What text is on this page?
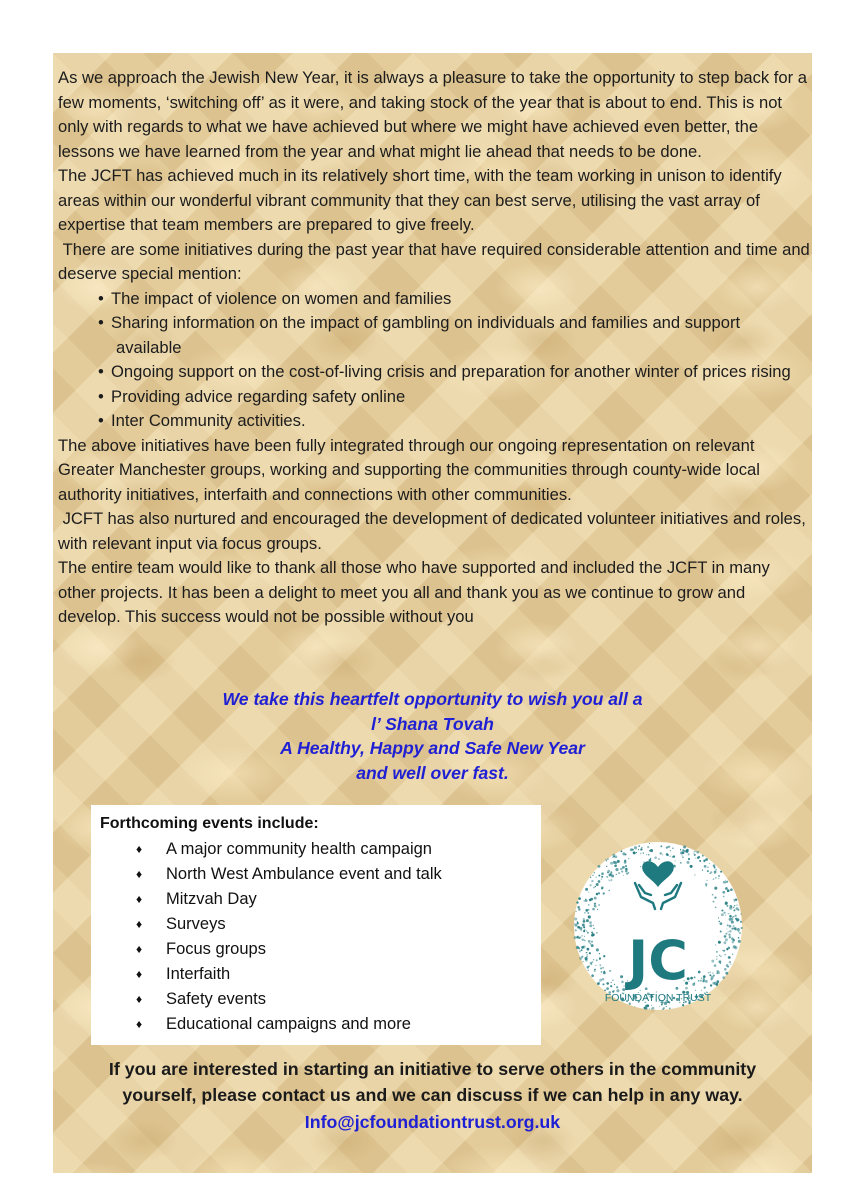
As we approach the Jewish New Year, it is always a pleasure to take the opportunity to step back for a few moments, ‘switching off’ as it were, and taking stock of the year that is about to end. This is not only with regards to what we have achieved but where we might have achieved even better, the lessons we have learned from the year and what might lie ahead that needs to be done.

The JCFT has achieved much in its relatively short time, with the team working in unison to identify areas within our wonderful vibrant community that they can best serve, utilising the vast array of expertise that team members are prepared to give freely.

There are some initiatives during the past year that have required considerable attention and time and deserve special mention:

• The impact of violence on women and families
• Sharing information on the impact of gambling on individuals and families and support available
• Ongoing support on the cost-of-living crisis and preparation for another winter of prices rising
• Providing advice regarding safety online
• Inter Community activities.

The above initiatives have been fully integrated through our ongoing representation on relevant Greater Manchester groups, working and supporting the communities through county-wide local authority initiatives, interfaith and connections with other communities.

JCFT has also nurtured and encouraged the development of dedicated volunteer initiatives and roles, with relevant input via focus groups.

The entire team would like to thank all those who have supported and included the JCFT in many other projects. It has been a delight to meet you all and thank you as we continue to grow and develop. This success would not be possible without you

We take this heartfelt opportunity to wish you all a
l’ Shana Tovah
A Healthy, Happy and Safe New Year
and well over fast.
Forthcoming events include:
♦ A major community health campaign
♦ North West Ambulance event and talk
♦ Mitzvah Day
♦ Surveys
♦ Focus groups
♦ Interfaith
♦ Safety events
♦ Educational campaigns and more
JC
FOUNDATION TRUST
If you are interested in starting an initiative to serve others in the community
yourself, please contact us and we can discuss if we can help in any way.
Info@jcfoundationtrust.org.uk
